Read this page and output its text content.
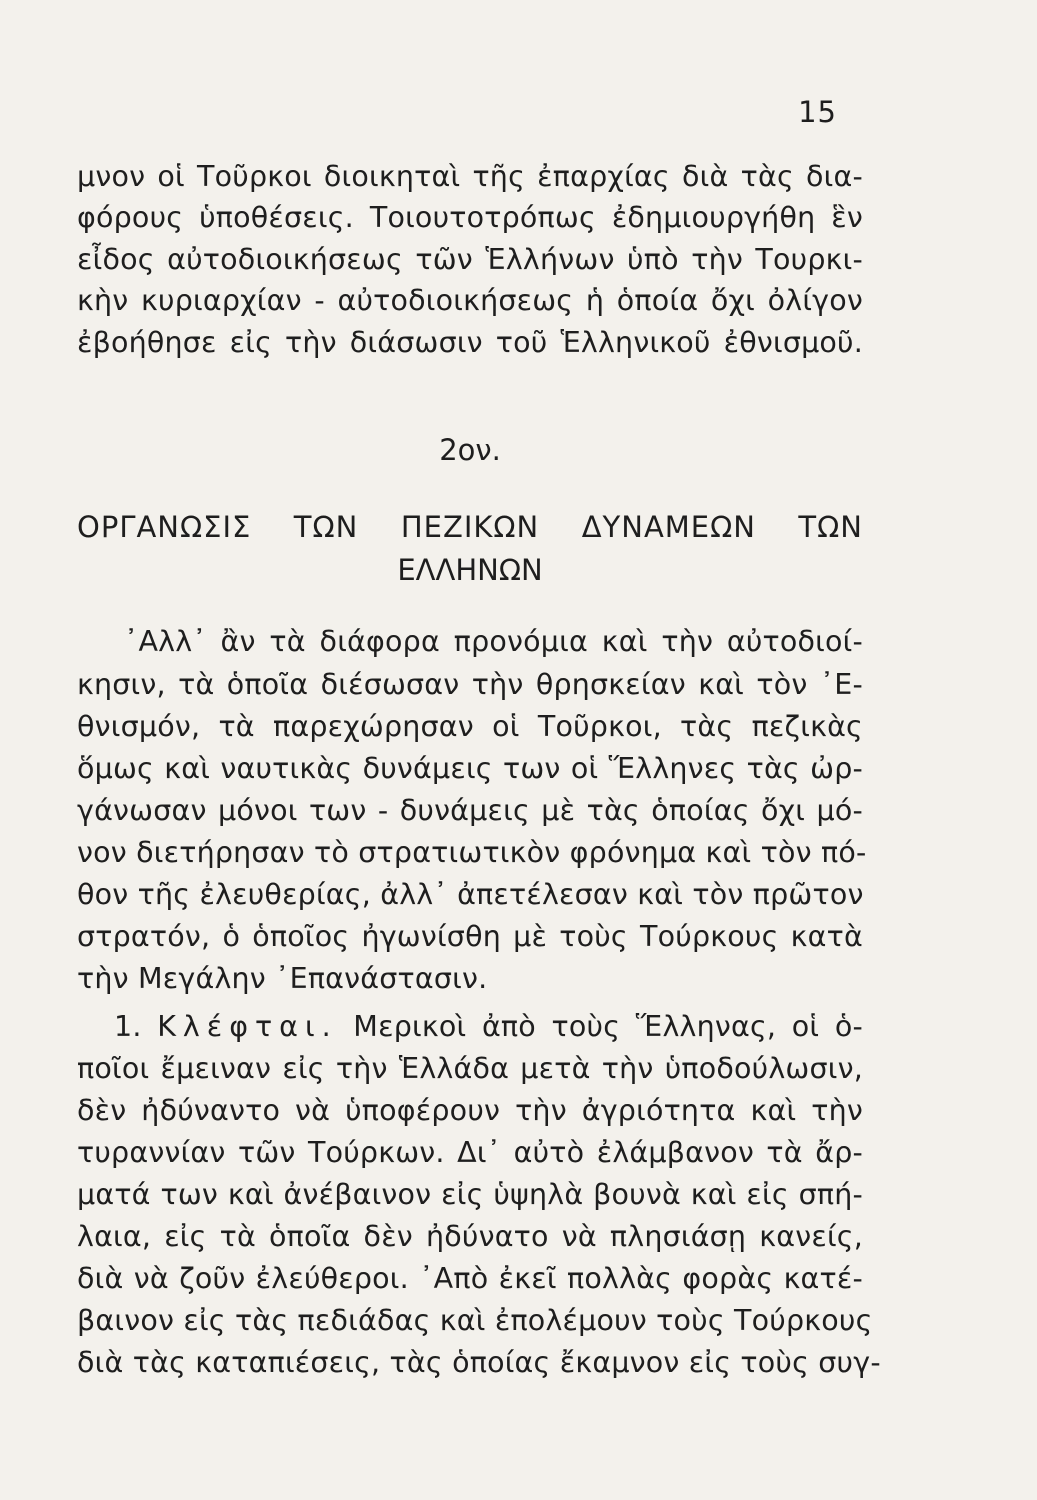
15
μνον οἱ Τοῦρκοι διοικηταὶ τῆς ἐπαρχίας διὰ τὰς δια-
φόρους ὑποθέσεις. Τοιουτοτρόπως ἐδημιουργήθη ἓν
εἶδος αὐτοδιοικήσεως τῶν Ἑλλήνων ὑπὸ τὴν Τουρκι-
κὴν κυριαρχίαν - αὐτοδιοικήσεως ἡ ὁποία ὄχι ὀλίγον
ἐβοήθησε εἰς τὴν διάσωσιν τοῦ Ἑλληνικοῦ ἐθνισμοῦ.
2ον.
ΟΡΓΑΝΩΣΙΣ ΤΩΝ ΠΕΖΙΚΩΝ ΔΥΝΑΜΕΩΝ ΤΩΝ
ΕΛΛΗΝΩΝ
᾿Αλλ᾿ ἂν τὰ διάφορα προνόμια καὶ τὴν αὐτοδιοί-
κησιν, τὰ ὁποῖα διέσωσαν τὴν θρησκείαν καὶ τὸν ᾿Ε-
θνισμόν, τὰ παρεχώρησαν οἱ Τοῦρκοι, τὰς πεζικὰς
ὅμως καὶ ναυτικὰς δυνάμεις των οἱ Ἕλληνες τὰς ὠρ-
γάνωσαν μόνοι των - δυνάμεις μὲ τὰς ὁποίας ὄχι μό-
νον διετήρησαν τὸ στρατιωτικὸν φρόνημα καὶ τὸν πό-
θον τῆς ἐλευθερίας, ἀλλ᾿ ἀπετέλεσαν καὶ τὸν πρῶτον
στρατόν, ὁ ὁποῖος ἠγωνίσθη μὲ τοὺς Τούρκους κατὰ
τὴν Μεγάλην ᾿Επανάστασιν.
1. Κλέφται. Μερικοὶ ἀπὸ τοὺς Ἕλληνας, οἱ ὁ-
ποῖοι ἔμειναν εἰς τὴν Ἑλλάδα μετὰ τὴν ὑποδούλωσιν,
δὲν ἠδύναντο νὰ ὑποφέρουν τὴν ἀγριότητα καὶ τὴν
τυραννίαν τῶν Τούρκων. Δι᾿ αὐτὸ ἐλάμβανον τὰ ἄρ-
ματά των καὶ ἀνέβαινον εἰς ὑψηλὰ βουνὰ καὶ εἰς σπή-
λαια, εἰς τὰ ὁποῖα δὲν ἠδύνατο νὰ πλησιάσῃ κανείς,
διὰ νὰ ζοῦν ἐλεύθεροι. ᾿Απὸ ἐκεῖ πολλὰς φορὰς κατέ-
βαινον εἰς τὰς πεδιάδας καὶ ἐπολέμουν τοὺς Τούρκους
διὰ τὰς καταπιέσεις, τὰς ὁποίας ἔκαμνον εἰς τοὺς συγ-
